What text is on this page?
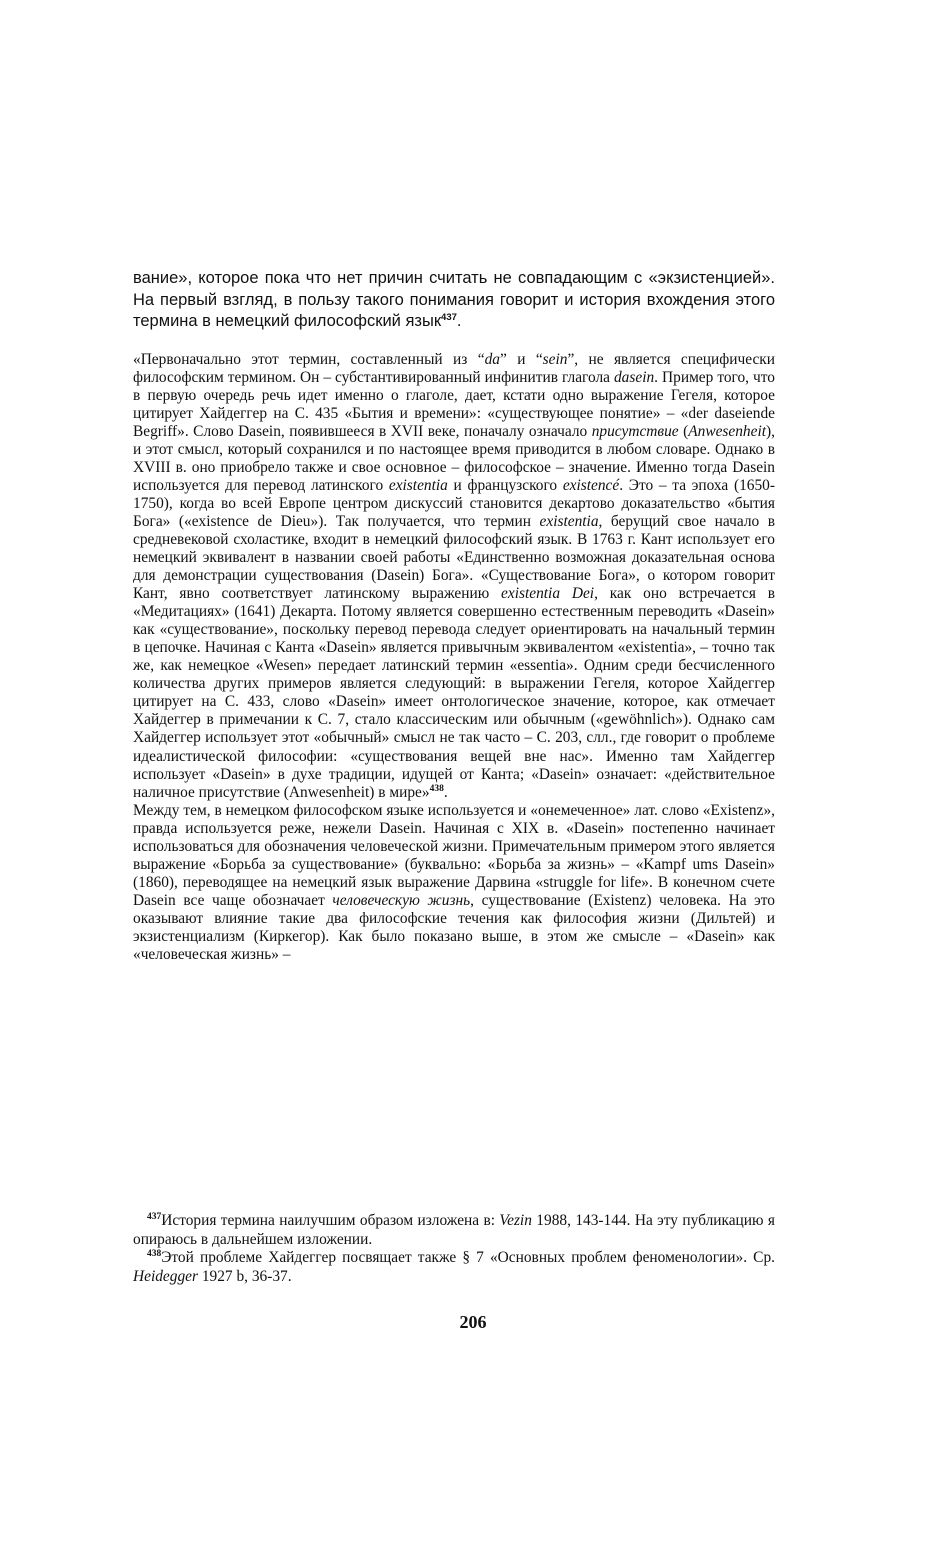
вание», которое пока что нет причин считать не совпадающим с «экзистенцией». На первый взгляд, в пользу такого понимания говорит и история вхождения этого термина в немецкий философский язык$^{437}$.

«Первоначально этот термин, составленный из “da” и “sein”, не является специфически философским термином. Он – субстантивированный инфинитив глагола dasein. Пример того, что в первую очередь речь идет именно о глаголе, дает, кстати одно выражение Гегеля, которое цитирует Хайдеггер на С. 435 «Бытия и времени»: «существующее понятие» – «der daseiende Begriff». Слово Dasein, появившееся в XVII веке, поначалу означало присутствие (Anwesenheit), и этот смысл, который сохранился и по настоящее время приводится в любом словаре. Однако в XVIII в. оно приобрело также и свое основное – философское – значение. Именно тогда Dasein используется для перевод латинского existentia и французского existencé. Это – та эпоха (1650-1750), когда во всей Европе центром дискуссий становится декартово доказательство «бытия Бога» («existence de Dieu»). Так получается, что термин existentia, берущий свое начало в средневековой схоластике, входит в немецкий философский язык. В 1763 г. Кант использует его немецкий эквивалент в названии своей работы «Единственно возможная доказательная основа для демонстрации существования (Dasein) Бога». «Существование Бога», о котором говорит Кант, явно соответствует латинскому выражению existentia Dei, как оно встречается в «Медитациях» (1641) Декарта. Потому является совершенно естественным переводить «Dasein» как «существование», поскольку перевод перевода следует ориентировать на начальный термин в цепочке. Начиная с Канта «Dasein» является привычным эквивалентом «existentia», – точно так же, как немецкое «Wesen» передает латинский термин «essentia». Одним среди бесчисленного количества других примеров является следующий: в выражении Гегеля, которое Хайдеггер цитирует на С. 433, слово «Dasein» имеет онтологическое значение, которое, как отмечает Хайдеггер в примечании к С. 7, стало классическим или обычным («gewöhnlich»). Однако сам Хайдеггер использует этот «обычный» смысл не так часто – С. 203, слл., где говорит о проблеме идеалистической философии: «существования вещей вне нас». Именно там Хайдеггер использует «Dasein» в духе традиции, идущей от Канта; «Dasein» означает: «действительное наличное присутствие (Anwesenheit) в мире»$^{438}$.

Между тем, в немецком философском языке используется и «онемеченное» лат. слово «Existenz», правда используется реже, нежели Dasein. Начиная с XIX в. «Dasein» постепенно начинает использоваться для обозначения человеческой жизни. Примечательным примером этого является выражение «Борьба за существование» (буквально: «Борьба за жизнь» – «Kampf ums Dasein» (1860), переводящее на немецкий язык выражение Дарвина «struggle for life». В конечном счете Dasein все чаще обозначает человеческую жизнь, существование (Existenz) человека. На это оказывают влияние такие два философские течения как философия жизни (Дильтей) и экзистенциализм (Киркегор). Как было показано выше, в этом же смысле – «Dasein» как «человеческая жизнь» –

$^{437}$История термина наилучшим образом изложена в: Vezin 1988, 143-144. На эту публикацию я опираюсь в дальнейшем изложении.

$^{438}$Этой проблеме Хайдеггер посвящает также § 7 «Основных проблем феноменологии». Ср. Heidegger 1927 b, 36-37.

206
